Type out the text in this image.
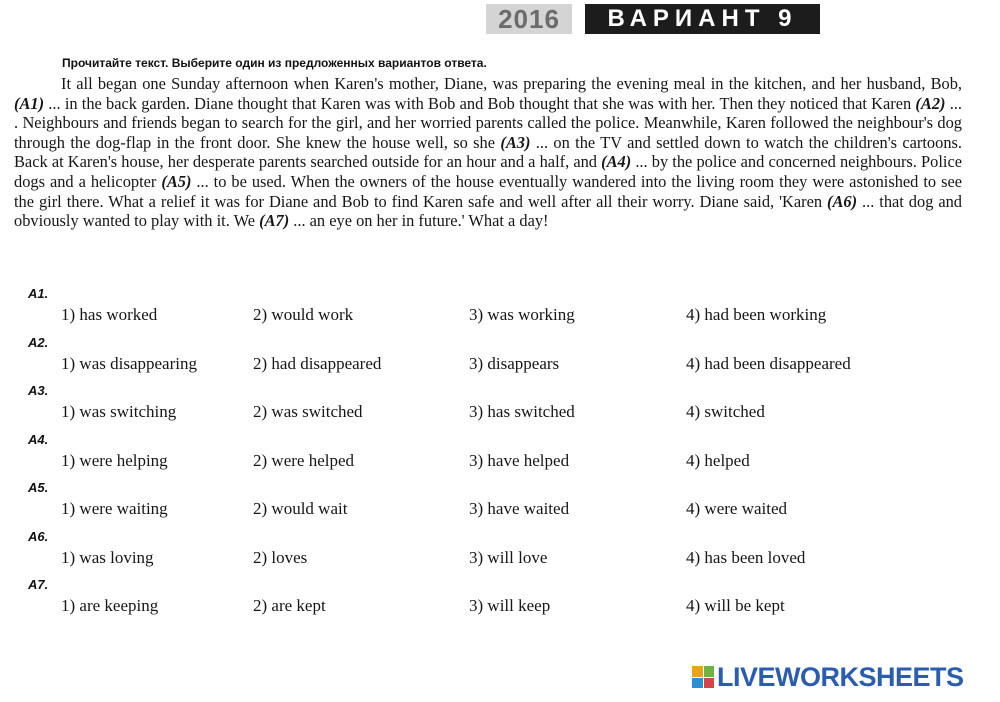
2016	ВАРИАНТ 9
Прочитайте текст. Выберите один из предложенных вариантов ответа.

It all began one Sunday afternoon when Karen's mother, Diane, was preparing the evening meal in the kitchen, and her husband, Bob, (A1) ... in the back garden. Diane thought that Karen was with Bob and Bob thought that she was with her. Then they noticed that Karen (A2) ... . Neighbours and friends began to search for the girl, and her worried parents called the police. Meanwhile, Karen followed the neighbour's dog through the dog-flap in the front door. She knew the house well, so she (A3) ... on the TV and settled down to watch the children's cartoons. Back at Karen's house, her desperate parents searched outside for an hour and a half, and (A4) ... by the police and concerned neighbours. Police dogs and a helicopter (A5) ... to be used. When the owners of the house eventually wandered into the living room they were astonished to see the girl there. What a relief it was for Diane and Bob to find Karen safe and well after all their worry. Diane said, 'Karen (A6) ... that dog and obviously wanted to play with it. We (A7) ... an eye on her in future.' What a day!

A1.
1) has worked	2) would work	3) was working	4) had been working
A2.
1) was disappearing	2) had disappeared	3) disappears	4) had been disappeared
A3.
1) was switching	2) was switched	3) has switched	4) switched
A4.
1) were helping	2) were helped	3) have helped	4) helped
A5.
1) were waiting	2) would wait	3) have waited	4) were waited
A6.
1) was loving	2) loves	3) will love	4) has been loved
A7.
1) are keeping	2) are kept	3) will keep	4) will be kept
LIVEWORKSHEETS
